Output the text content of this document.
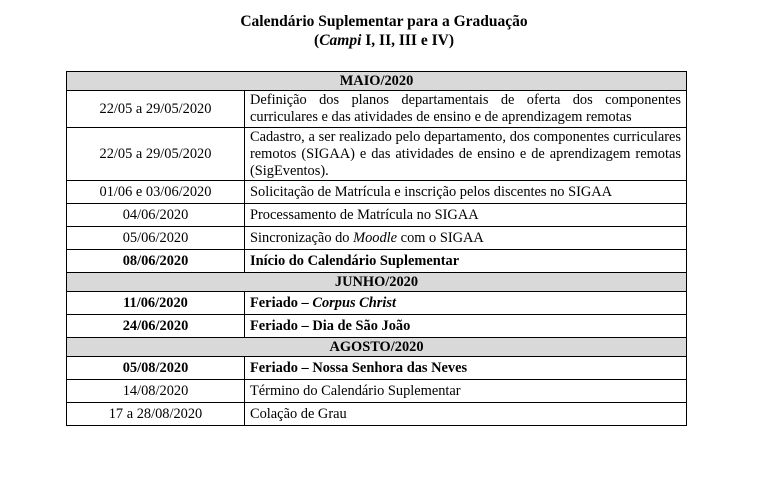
Calendário Suplementar para a Graduação
(Campi I, II, III e IV)
MAIO/2020	
22/05 a 29/05/2020	Definição dos planos departamentais de oferta dos componentes curriculares e das atividades de ensino e de aprendizagem remotas
22/05 a 29/05/2020	Cadastro, a ser realizado pelo departamento, dos componentes curriculares remotos (SIGAA) e das atividades de ensino e de aprendizagem remotas (SigEventos).
01/06 e 03/06/2020	Solicitação de Matrícula e inscrição pelos discentes no SIGAA
04/06/2020	Processamento de Matrícula no SIGAA
05/06/2020	Sincronização do Moodle com o SIGAA
08/06/2020	Início do Calendário Suplementar
JUNHO/2020	
11/06/2020	Feriado – Corpus Christ
24/06/2020	Feriado – Dia de São João
AGOSTO/2020	
05/08/2020	Feriado – Nossa Senhora das Neves
14/08/2020	Término do Calendário Suplementar
17 a 28/08/2020	Colação de Grau
